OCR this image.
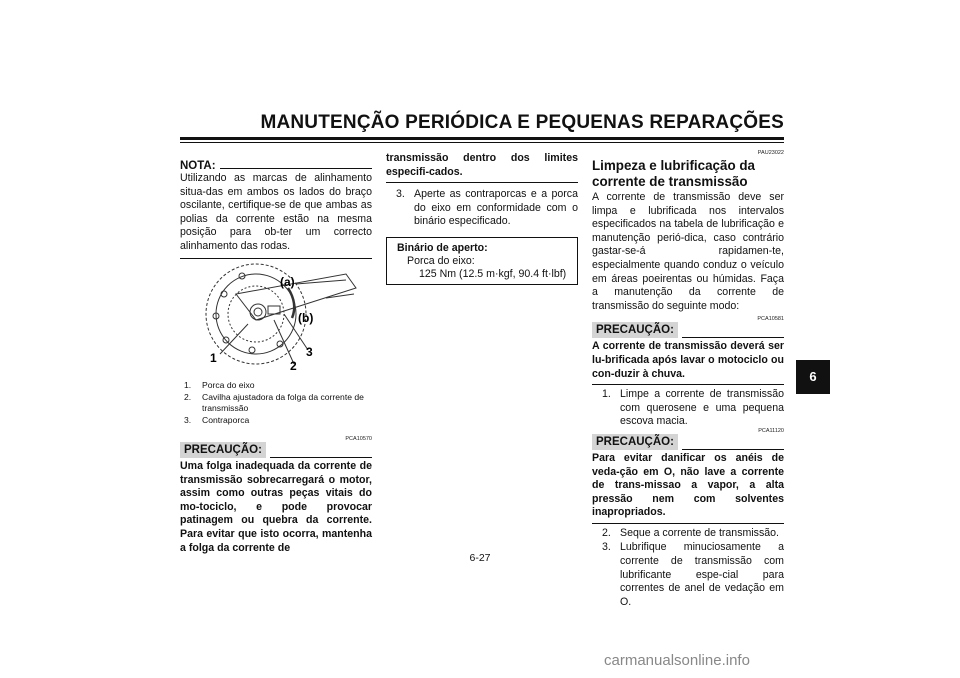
MANUTENÇÃO PERIÓDICA E PEQUENAS REPARAÇÕES
NOTA:
Utilizando as marcas de alinhamento situa-das em ambos os lados do braço oscilante, certifique-se de que ambas as polias da corrente estão na mesma posição para ob-ter um correcto alinhamento das rodas.
(a)
(b)
1
2
3
1. Porca do eixo
2. Cavilha ajustadora da folga da corrente de transmissão
3. Contraporca
PCA10570
PRECAUÇÃO:
Uma folga inadequada da corrente de transmissão sobrecarregará o motor, assim como outras peças vitais do mo-tociclo, e pode provocar patinagem ou quebra da corrente. Para evitar que isto ocorra, mantenha a folga da corrente de
transmissão dentro dos limites especifi-cados.
3. Aperte as contraporcas e a porca do eixo em conformidade com o binário especificado.
Binário de aperto:
Porca do eixo:
125 Nm (12.5 m·kgf, 90.4 ft·lbf)
PAU23022
Limpeza e lubrificação da corrente de transmissão
A corrente de transmissão deve ser limpa e lubrificada nos intervalos especificados na tabela de lubrificação e manutenção perió-dica, caso contrário gastar-se-á rapidamen-te, especialmente quando conduz o veículo em áreas poeirentas ou húmidas. Faça a manutenção da corrente de transmissão do seguinte modo:
PCA10581
PRECAUÇÃO:
A corrente de transmissão deverá ser lu-brificada após lavar o motociclo ou con-duzir à chuva.
1. Limpe a corrente de transmissão com querosene e uma pequena escova macia.
PCA11120
PRECAUÇÃO:
Para evitar danificar os anéis de veda-ção em O, não lave a corrente de trans-missao a vapor, a alta pressão nem com solventes inapropriados.
2. Seque a corrente de transmissão.
3. Lubrifique minuciosamente a corrente de transmissão com lubrificante espe-cial para correntes de anel de vedação em O.
6
6-27
carmanualsonline.info
